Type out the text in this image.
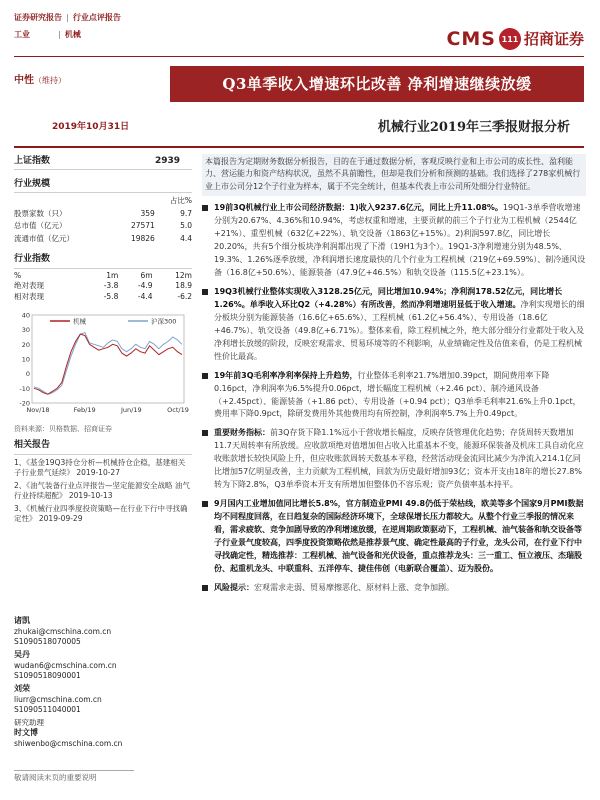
证券研究报告 | 行业点评报告
工业	| 机械	CMS 111 招商证券
中性（维持）	Q3单季收入增速环比改善 净利增速继续放缓
2019年10月31日	机械行业2019年三季报财报分析
上证指数	2939
行业规模
		占比%
股票家数（只）	359	9.7
总市值（亿元）	27571	5.0
流通市值（亿元）	19826	4.4
行业指数
%	1m	6m	12m
绝对表现	-3.8	-4.9	18.9
相对表现	-5.8	-4.4	-6.2
40
30
20
10
0
-10
-20
Nov/18	Feb/19	Jun/19	Oct/19
机械	沪深300
资料来源：贝格数据、招商证券
相关报告
1、《基金19Q3持仓分析—机械持仓企稳，基建相关子行业景气延续》 2019-10-27
2、《油气装备行业点评报告—坚定能源安全战略 油气行业持续超配》 2019-10-13
3、《机械行业四季度投资策略—在行业下行中寻找确定性》 2019-09-29
诸凯
zhukai@cmschina.com.cn
S1090518070005
吴丹
wudan6@cmschina.com.cn
S1090518090001
刘荣
liurr@cmschina.com.cn
S1090511040001
研究助理
时文博
shiwenbo@cmschina.com.cn
敬请阅读末页的重要说明
本篇报告为定期财务数据分析报告，目的在于通过数据分析，客观反映行业和上市公司的成长性、盈利能力、营运能力和资产结构状况，虽然不具前瞻性，但却是我们分析和预测的基础。我们选择了278家机械行业上市公司分12个子行业为样本，属于不完全统计，但基本代表上市公司所处细分行业特征。
19前3Q机械行业上市公司经济数据：1)收入9237.6亿元，同比上升11.08%。19Q1-3单季营收增速分别为20.67%、4.36%和10.94%，考虑权重和增速，主要贡献的前三个子行业为工程机械（2544亿+21%）、重型机械（632亿+22%）、轨交设备（1863亿+15%）。2)利润597.8亿，同比增长20.20%，共有5个细分板块净利润都出现了下滑（19H1为3个）。19Q1-3净利增速分别为48.5%、19.3%、1.26%逐季放缓，净利润增长速度最快的几个行业为工程机械（219亿+69.59%）、制冷通风设备（16.8亿+50.6%）、能源装备（47.9亿+46.5%）和轨交设备（115.5亿+23.1%）。
19Q3机械行业整体实现收入3128.25亿元，同比增加10.94%；净利润178.52亿元，同比增长1.26%。单季收入环比Q2（+4.28%）有所改善，然而净利增速明显低于收入增速。净利实现增长的细分板块分别为能源装备（16.6亿+65.6%）、工程机械（61.2亿+56.4%）、专用设备（18.6亿+46.7%）、轨交设备（49.8亿+6.71%）。整体来看，除工程机械之外，绝大部分细分行业都处于收入及净利增长放缓的阶段，反映宏观需求、贸易环境等的不利影响，从业绩确定性及估值来看，仍是工程机械性价比最高。
19年前3Q毛利率净利率保持上升趋势，行业整体毛利率21.7%增加0.39pct，期间费用率下降0.16pct，净利润率为6.5%提升0.06pct，增长幅度工程机械（+2.46 pct）、制冷通风设备（+2.45pct）、能源装备（+1.86 pct）、专用设备（+0.94 pct）；Q3单季毛利率21.6%上升0.1pct，费用率下降0.9pct，除研发费用外其他费用均有所控制，净利润率5.7%上升0.49pct。
重要财务指标：前3Q存货下降1.1%远小于营收增长幅度，反映存货管理优化趋势；存货周转天数增加11.7天周转率有所放缓。应收款项绝对值增加但占收入比重基本不变，能源环保装备及机床工具自动化应收账款增长较快风险上升，但应收账款周转天数基本平稳，经营活动现金流同比减少为净流入214.1亿同比增加57亿明显改善，主力贡献为工程机械，回款为历史最好增加93亿；资本开支由18年的增长27.8%转为下降2.8%，Q3单季资本开支有所增加但整体仍不容乐观；资产负债率基本持平。
9月国内工业增加值同比增长5.8%，官方制造业PMI 49.8仍低于荣枯线，欧美等多个国家9月PMI数据均不同程度回落，在日趋复杂的国际经济环境下，全球保增长压力都较大。从整个行业三季报的情况来看，需求疲软、竞争加剧导致的净利增速放缓，在逆周期政策驱动下，工程机械、油气装备和轨交设备等子行业景气度较高，四季度投资策略依然是推荐景气度、确定性最高的子行业，龙头公司，在行业下行中寻找确定性，精选推荐：工程机械、油气设备和光伏设备，重点推荐龙头：三一重工、恒立液压、杰瑞股份、起重机龙头、中联重科、五洋停车、捷佳伟创（电新联合覆盖）、迈为股份。
风险提示：宏观需求走弱、贸易摩擦恶化、原材料上涨、竞争加剧。
